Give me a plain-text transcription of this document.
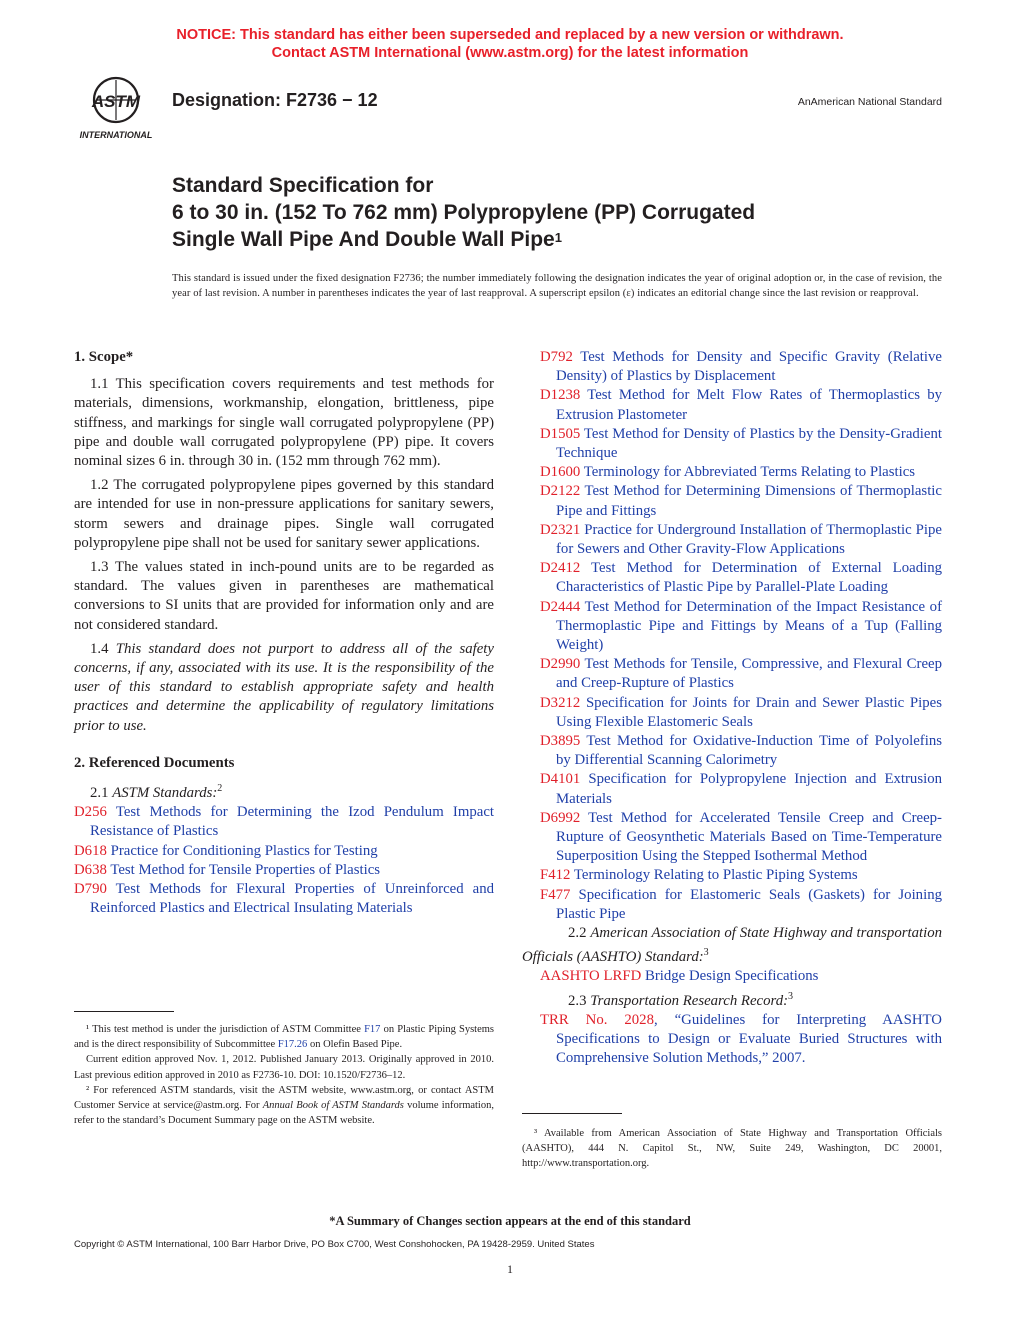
NOTICE: This standard has either been superseded and replaced by a new version or withdrawn.
Contact ASTM International (www.astm.org) for the latest information
ASTM
INTERNATIONAL
Designation: F2736 − 12	AnAmerican National Standard
Standard Specification for
6 to 30 in. (152 To 762 mm) Polypropylene (PP) Corrugated
Single Wall Pipe And Double Wall Pipe$^1$
This standard is issued under the fixed designation F2736; the number immediately following the designation indicates the year of original adoption or, in the case of revision, the year of last revision. A number in parentheses indicates the year of last reapproval. A superscript epsilon (ε) indicates an editorial change since the last revision or reapproval.

1. Scope*

1.1 This specification covers requirements and test methods for materials, dimensions, workmanship, elongation, brittleness, pipe stiffness, and markings for single wall corrugated polypropylene (PP) pipe and double wall corrugated polypropylene (PP) pipe. It covers nominal sizes 6 in. through 30 in. (152 mm through 762 mm).

1.2 The corrugated polypropylene pipes governed by this standard are intended for use in non-pressure applications for sanitary sewers, storm sewers and drainage pipes. Single wall corrugated polypropylene pipe shall not be used for sanitary sewer applications.

1.3 The values stated in inch-pound units are to be regarded as standard. The values given in parentheses are mathematical conversions to SI units that are provided for information only and are not considered standard.

1.4 This standard does not purport to address all of the safety concerns, if any, associated with its use. It is the responsibility of the user of this standard to establish appropriate safety and health practices and determine the applicability of regulatory limitations prior to use.

2. Referenced Documents

2.1 ASTM Standards:$^2$

D256 Test Methods for Determining the Izod Pendulum Impact Resistance of Plastics

D618 Practice for Conditioning Plastics for Testing

D638 Test Method for Tensile Properties of Plastics

D790 Test Methods for Flexural Properties of Unreinforced and Reinforced Plastics and Electrical Insulating Materials

D792 Test Methods for Density and Specific Gravity (Relative Density) of Plastics by Displacement

D1238 Test Method for Melt Flow Rates of Thermoplastics by Extrusion Plastometer

D1505 Test Method for Density of Plastics by the Density-Gradient Technique

D1600 Terminology for Abbreviated Terms Relating to Plastics

D2122 Test Method for Determining Dimensions of Thermoplastic Pipe and Fittings

D2321 Practice for Underground Installation of Thermoplastic Pipe for Sewers and Other Gravity-Flow Applications

D2412 Test Method for Determination of External Loading Characteristics of Plastic Pipe by Parallel-Plate Loading

D2444 Test Method for Determination of the Impact Resistance of Thermoplastic Pipe and Fittings by Means of a Tup (Falling Weight)

D2990 Test Methods for Tensile, Compressive, and Flexural Creep and Creep-Rupture of Plastics

D3212 Specification for Joints for Drain and Sewer Plastic Pipes Using Flexible Elastomeric Seals

D3895 Test Method for Oxidative-Induction Time of Polyolefins by Differential Scanning Calorimetry

D4101 Specification for Polypropylene Injection and Extrusion Materials

D6992 Test Method for Accelerated Tensile Creep and Creep-Rupture of Geosynthetic Materials Based on Time-Temperature Superposition Using the Stepped Isothermal Method

F412 Terminology Relating to Plastic Piping Systems

F477 Specification for Elastomeric Seals (Gaskets) for Joining Plastic Pipe

2.2 American Association of State Highway and transportation Officials (AASHTO) Standard:$^3$

AASHTO LRFD Bridge Design Specifications

2.3 Transportation Research Record:$^3$

TRR No. 2028, “Guidelines for Interpreting AASHTO Specifications to Design or Evaluate Buried Structures with Comprehensive Solution Methods,” 2007.

¹ This test method is under the jurisdiction of ASTM Committee F17 on Plastic Piping Systems and is the direct responsibility of Subcommittee F17.26 on Olefin Based Pipe.

Current edition approved Nov. 1, 2012. Published January 2013. Originally approved in 2010. Last previous edition approved in 2010 as F2736-10. DOI: 10.1520/F2736–12.

² For referenced ASTM standards, visit the ASTM website, www.astm.org, or contact ASTM Customer Service at service@astm.org. For Annual Book of ASTM Standards volume information, refer to the standard’s Document Summary page on the ASTM website.

³ Available from American Association of State Highway and Transportation Officials (AASHTO), 444 N. Capitol St., NW, Suite 249, Washington, DC 20001, http://www.transportation.org.

*A Summary of Changes section appears at the end of this standard
Copyright © ASTM International, 100 Barr Harbor Drive, PO Box C700, West Conshohocken, PA 19428-2959. United States
1
